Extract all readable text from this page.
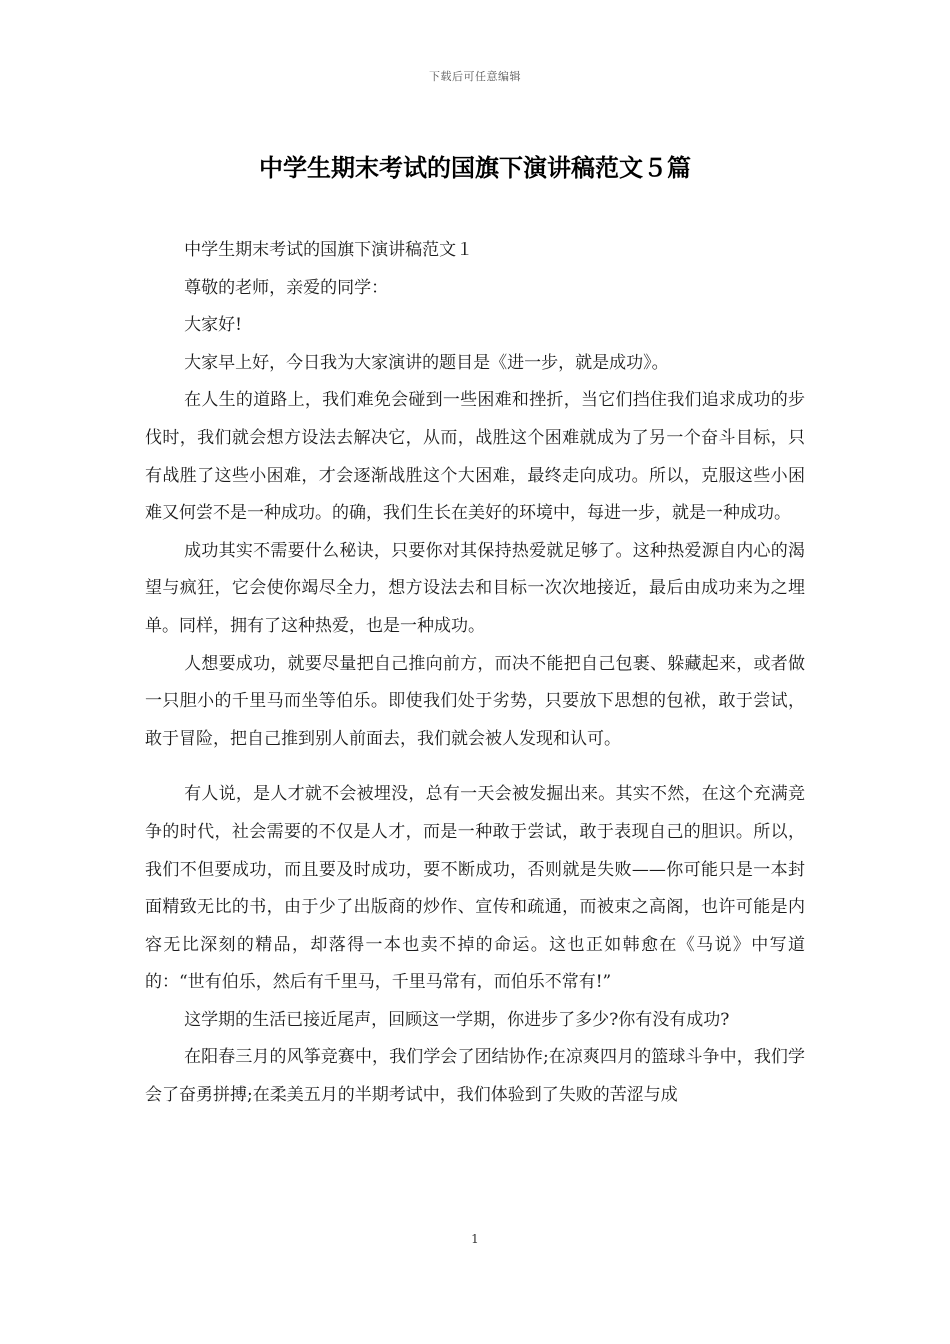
下载后可任意编辑
中学生期末考试的国旗下演讲稿范文５篇

中学生期末考试的国旗下演讲稿范文１

尊敬的老师，亲爱的同学：

大家好!

大家早上好，今日我为大家演讲的题目是《进一步，就是成功》。

在人生的道路上，我们难免会碰到一些困难和挫折，当它们挡住我们追求成功的步伐时，我们就会想方设法去解决它，从而，战胜这个困难就成为了另一个奋斗目标，只有战胜了这些小困难，才会逐渐战胜这个大困难，最终走向成功。所以，克服这些小困难又何尝不是一种成功。的确，我们生长在美好的环境中，每进一步，就是一种成功。

成功其实不需要什么秘诀，只要你对其保持热爱就足够了。这种热爱源自内心的渴望与疯狂，它会使你竭尽全力，想方设法去和目标一次次地接近，最后由成功来为之埋单。同样，拥有了这种热爱，也是一种成功。

人想要成功，就要尽量把自己推向前方，而决不能把自己包裹、躲藏起来，或者做一只胆小的千里马而坐等伯乐。即使我们处于劣势，只要放下思想的包袱，敢于尝试，敢于冒险，把自己推到别人前面去，我们就会被人发现和认可。

有人说，是人才就不会被埋没，总有一天会被发掘出来。其实不然，在这个充满竞争的时代，社会需要的不仅是人才，而是一种敢于尝试，敢于表现自己的胆识。所以，我们不但要成功，而且要及时成功，要不断成功，否则就是失败——你可能只是一本封面精致无比的书，由于少了出版商的炒作、宣传和疏通，而被束之高阁，也许可能是内容无比深刻的精品，却落得一本也卖不掉的命运。这也正如韩愈在《马说》中写道的：“世有伯乐，然后有千里马，千里马常有，而伯乐不常有!”

这学期的生活已接近尾声，回顾这一学期，你进步了多少?你有没有成功?

在阳春三月的风筝竞赛中，我们学会了团结协作;在凉爽四月的篮球斗争中，我们学会了奋勇拼搏;在柔美五月的半期考试中，我们体验到了失败的苦涩与成

1
